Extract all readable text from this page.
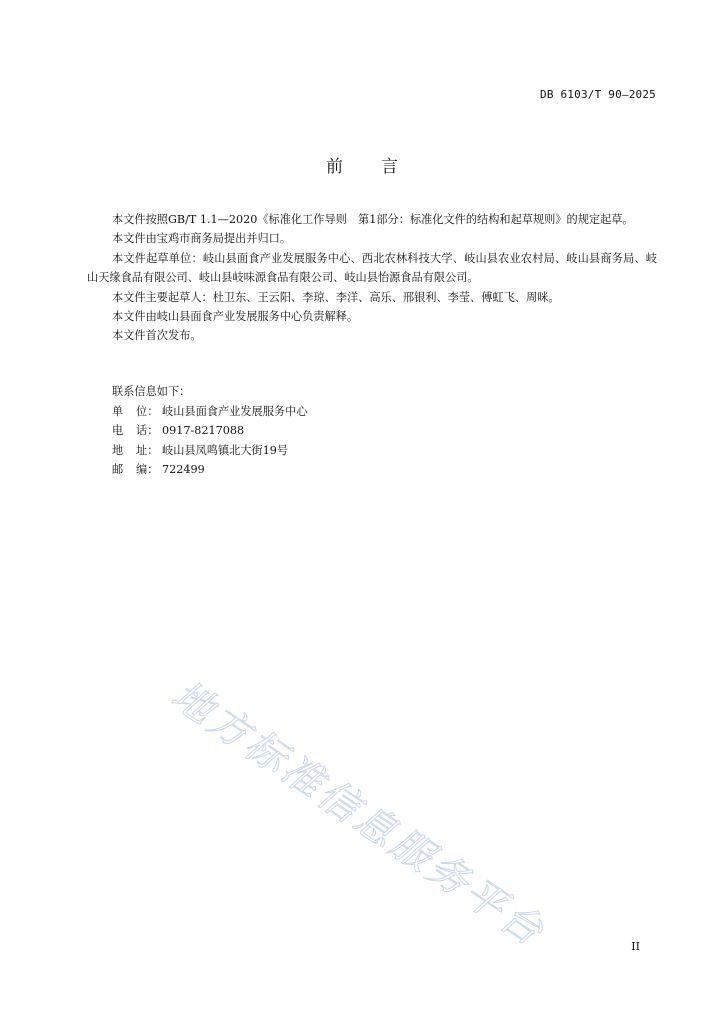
DB 6103/T 90—2025
前言

本文件按照GB/T 1.1—2020《标准化工作导则　第1部分：标准化文件的结构和起草规则》的规定起草。

本文件由宝鸡市商务局提出并归口。

本文件起草单位：岐山县面食产业发展服务中心、西北农林科技大学、岐山县农业农村局、岐山县商务局、岐山天缘食品有限公司、岐山县岐味源食品有限公司、岐山县怡源食品有限公司。

本文件主要起草人：杜卫东、王云阳、李琼、李洋、高乐、邢银利、李莹、傅虹飞、周咪。

本文件由岐山县面食产业发展服务中心负责解释。

本文件首次发布。

联系信息如下：
单 位： 岐山县面食产业发展服务中心
电 话： 0917-8217088
地 址： 岐山县凤鸣镇北大街19号
邮 编： 722499
地方标准信息服务平台	II
